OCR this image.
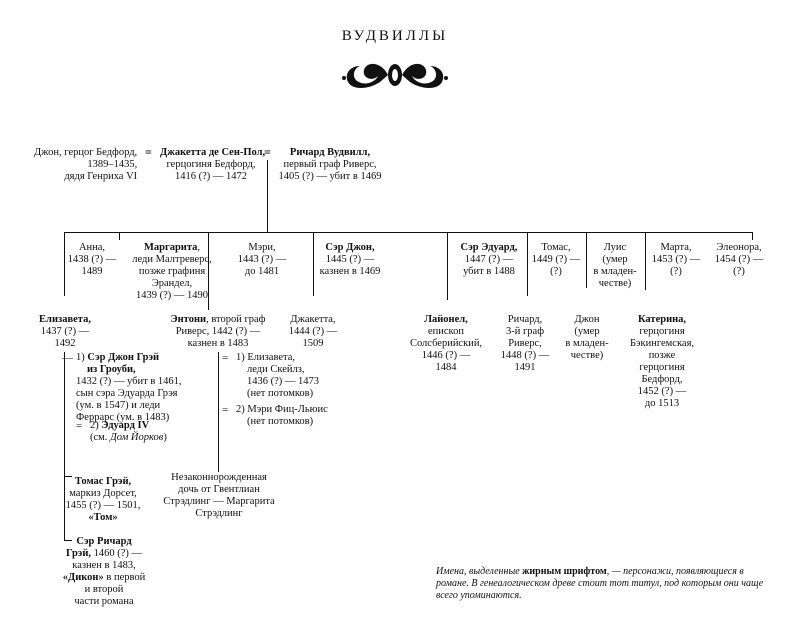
ВУДВИЛЛЫ
Джон, герцог Бедфорд,
1389–1435,
дядя Генриха VI
= Джакетта де Сен-Пол,
герцогиня Бедфорд,
1416 (?) — 1472
=	Ричард Вудвилл,
первый граф Риверс,
1405 (?) — убит в 1469
Анна,
1438 (?) —
1489
Маргарита,
леди Малтреверс,
позже графиня
Эрандел,
1439 (?) — 1490
Мэри,
1443 (?) —
до 1481
Сэр Джон,
1445 (?) —
казнен в 1469
Сэр Эдуард,
1447 (?) —
убит в 1488
Томас,
1449 (?) —
(?)
Луис
(умер
в младен-
честве)
Марта,
1453 (?) —
(?)
Элеонора,
1454 (?) —
(?)
Елизавета,
1437 (?) —
1492
Энтони, второй граф
Риверс, 1442 (?) —
казнен в 1483
Джакетта,
1444 (?) —
1509
Лайонел,
епископ
Солсберийский,
1446 (?) —
1484
Ричард,
3-й граф
Риверс,
1448 (?) —
1491
Джон
(умер
в младен-
честве)
Катерина,
герцогиня
Бэкингемская,
позже
герцогиня
Бедфорд,
1452 (?) —
до 1513
— 1) Сэр Джон Грэй
из Гроуби,
1432 (?) — убит в 1461,
сын сэра Эдуарда Грэя
(ум. в 1547) и леди
Феррарс (ум. в 1483)
= 2) Эдуард IV
(см. Дом Йорков)
Томас Грэй,
маркиз Дорсет,
1455 (?) — 1501,
«Том»
Сэр Ричард
Грэй, 1460 (?) —
казнен в 1483,
«Дикон» в первой
и второй
части романа
= 1) Елизавета,
леди Скейлз,
1436 (?) — 1473
(нет потомков)
= 2) Мэри Фиц-Льюис
(нет потомков)
Незаконнорожденная
дочь от Гвентлиан
Стрэдлинг — Маргарита
Стрэдлинг
Имена, выделенные жирным шрифтом, — персонажи, появляющиеся в романе. В генеалогическом древе стоит тот титул, под которым они чаще всего упоминаются.
